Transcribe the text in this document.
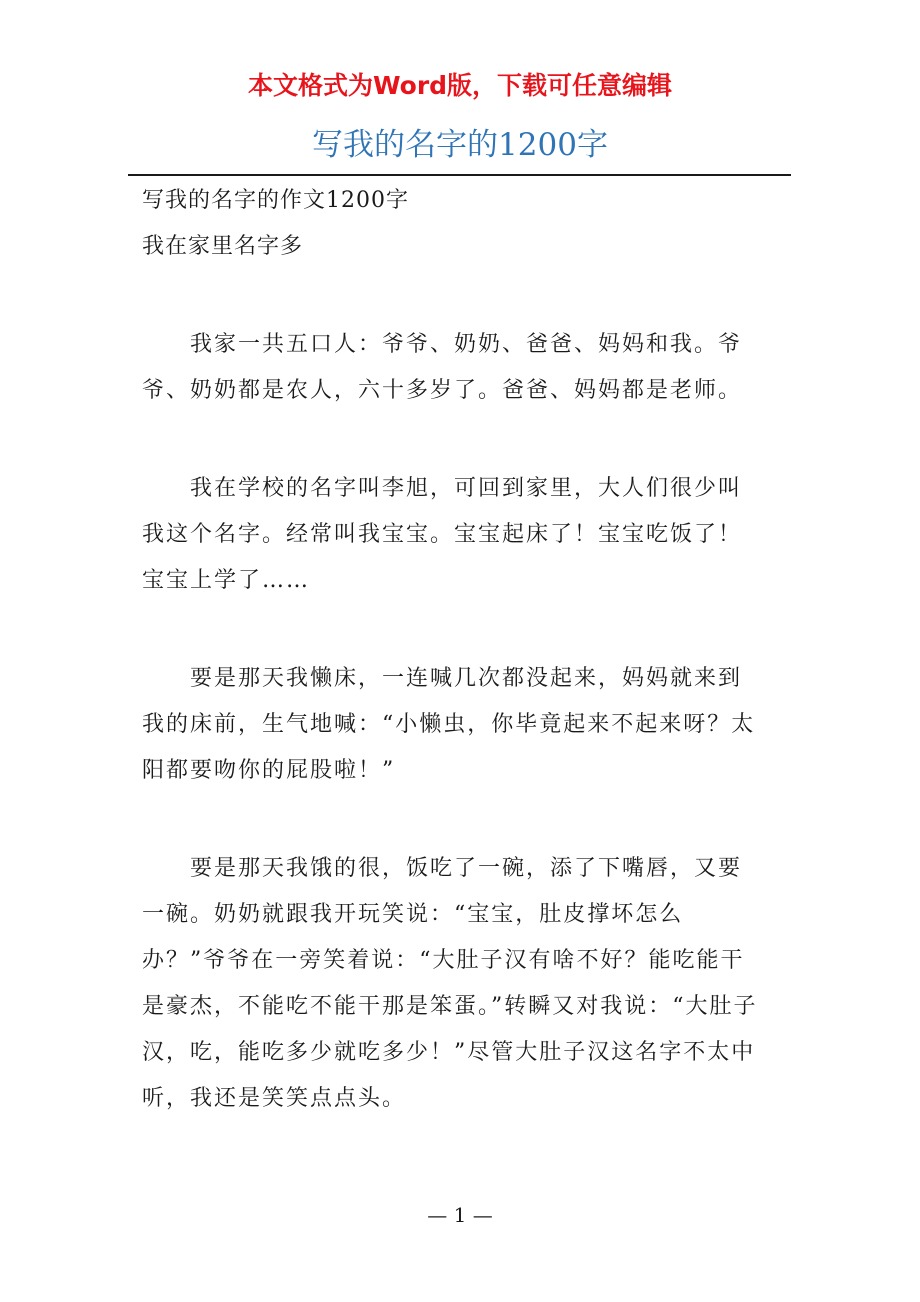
本文格式为Word版，下载可任意编辑
写我的名字的1200字

写我的名字的作文1200字

我在家里名字多

我家一共五口人：爷爷、奶奶、爸爸、妈妈和我。爷爷、奶奶都是农人，六十多岁了。爸爸、妈妈都是老师。

我在学校的名字叫李旭，可回到家里，大人们很少叫我这个名字。经常叫我宝宝。宝宝起床了！宝宝吃饭了！宝宝上学了……

要是那天我懒床，一连喊几次都没起来，妈妈就来到我的床前，生气地喊：“小懒虫，你毕竟起来不起来呀？太阳都要吻你的屁股啦！”

要是那天我饿的很，饭吃了一碗，添了下嘴唇，又要一碗。奶奶就跟我开玩笑说：“宝宝，肚皮撑坏怎么办？”爷爷在一旁笑着说：“大肚子汉有啥不好？能吃能干是豪杰，不能吃不能干那是笨蛋。”转瞬又对我说：“大肚子汉，吃，能吃多少就吃多少！”尽管大肚子汉这名字不太中听，我还是笑笑点点头。

— 1 —
